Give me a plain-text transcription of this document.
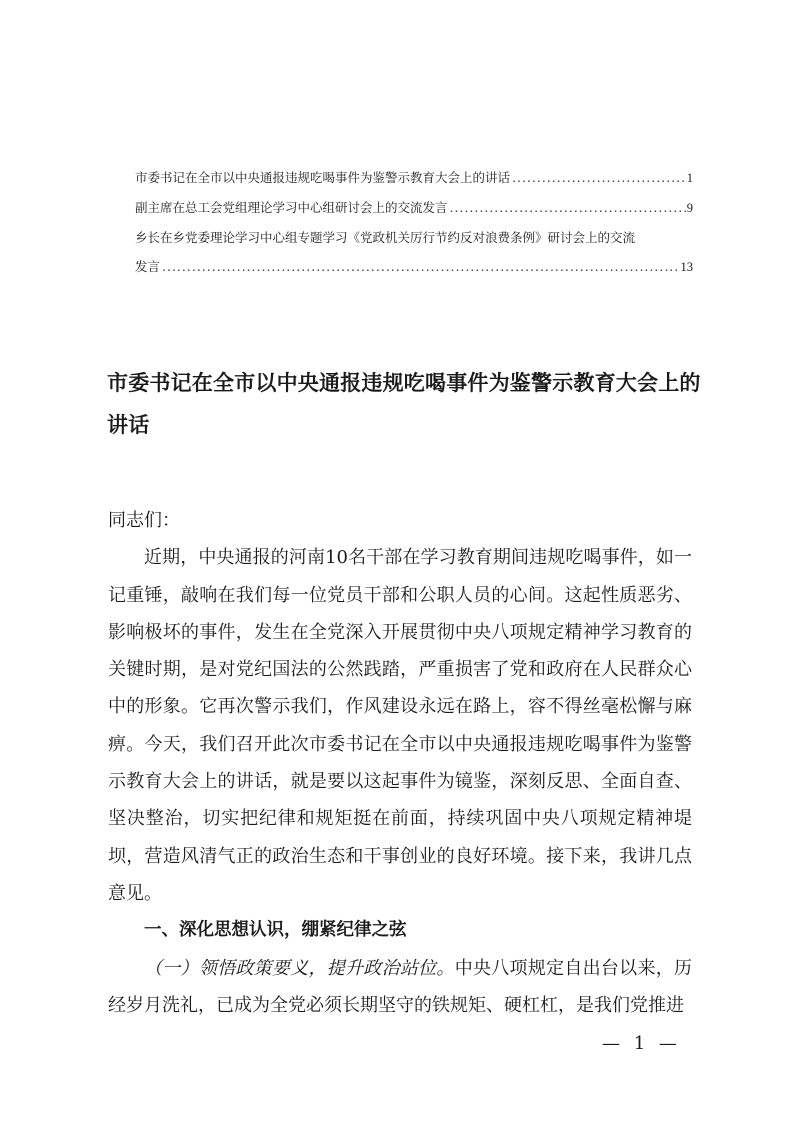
市委书记在全市以中央通报违规吃喝事件为鉴警示教育大会上的讲话 .....	1
副主席在总工会党组理论学习中心组研讨会上的交流发言 .....	9
乡长在乡党委理论学习中心组专题学习《党政机关厉行节约反对浪费条例》研讨会上的交流
发言 .....	13
市委书记在全市以中央通报违规吃喝事件为鉴警示教育大会上的讲话

同志们：

近期，中央通报的河南10名干部在学习教育期间违规吃喝事件，如一记重锤，敲响在我们每一位党员干部和公职人员的心间。这起性质恶劣、影响极坏的事件，发生在全党深入开展贯彻中央八项规定精神学习教育的关键时期，是对党纪国法的公然践踏，严重损害了党和政府在人民群众心中的形象。它再次警示我们，作风建设永远在路上，容不得丝毫松懈与麻痹。今天，我们召开此次市委书记在全市以中央通报违规吃喝事件为鉴警示教育大会上的讲话，就是要以这起事件为镜鉴，深刻反思、全面自查、坚决整治，切实把纪律和规矩挺在前面，持续巩固中央八项规定精神堤坝，营造风清气正的政治生态和干事创业的良好环境。接下来，我讲几点意见。

一、深化思想认识，绷紧纪律之弦

（一）领悟政策要义，提升政治站位。中央八项规定自出台以来，历经岁月洗礼，已成为全党必须长期坚守的铁规矩、硬杠杠，是我们党推进

— 1 —
